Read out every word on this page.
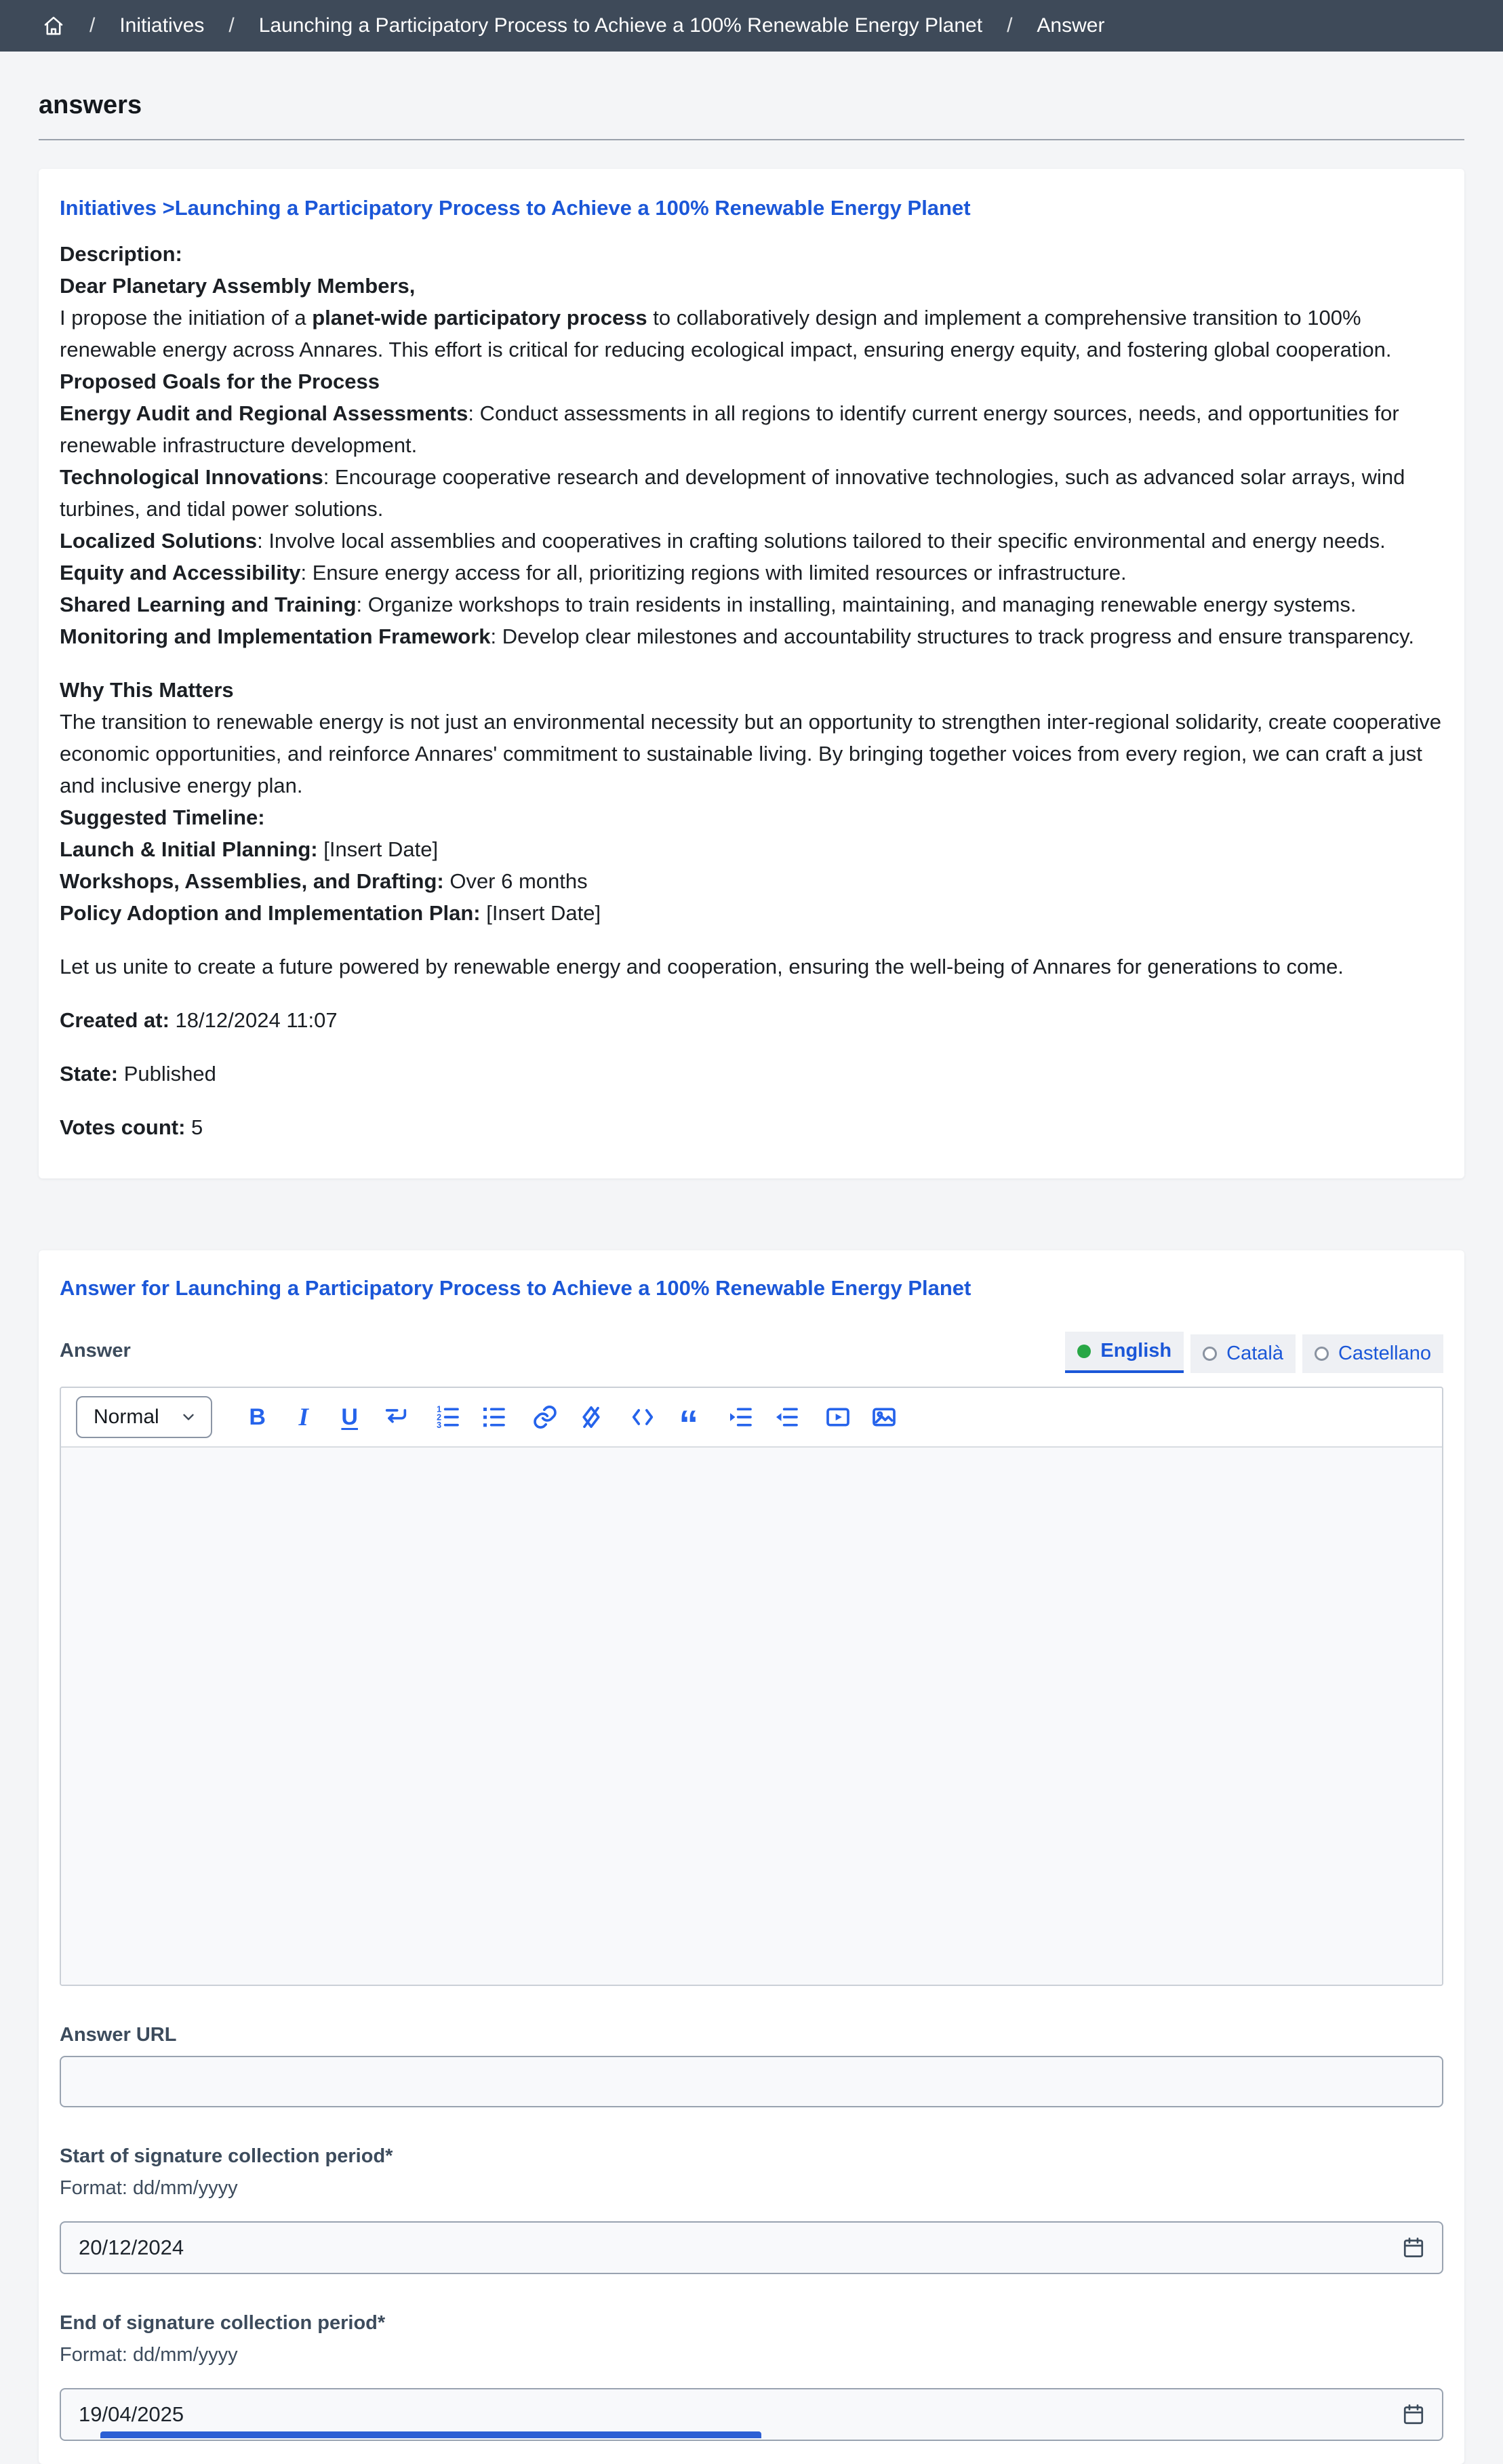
/ Initiatives / Launching a Participatory Process to Achieve a 100% Renewable Energy Planet / Answer
answers
Initiatives >Launching a Participatory Process to Achieve a 100% Renewable Energy Planet

Description:

Dear Planetary Assembly Members,

I propose the initiation of a planet-wide participatory process to collaboratively design and implement a comprehensive transition to 100% renewable energy across Annares. This effort is critical for reducing ecological impact, ensuring energy equity, and fostering global cooperation.

Proposed Goals for the Process

Energy Audit and Regional Assessments: Conduct assessments in all regions to identify current energy sources, needs, and opportunities for renewable infrastructure development.

Technological Innovations: Encourage cooperative research and development of innovative technologies, such as advanced solar arrays, wind turbines, and tidal power solutions.

Localized Solutions: Involve local assemblies and cooperatives in crafting solutions tailored to their specific environmental and energy needs.

Equity and Accessibility: Ensure energy access for all, prioritizing regions with limited resources or infrastructure.

Shared Learning and Training: Organize workshops to train residents in installing, maintaining, and managing renewable energy systems.

Monitoring and Implementation Framework: Develop clear milestones and accountability structures to track progress and ensure transparency.

Why This Matters

The transition to renewable energy is not just an environmental necessity but an opportunity to strengthen inter-regional solidarity, create cooperative economic opportunities, and reinforce Annares' commitment to sustainable living. By bringing together voices from every region, we can craft a just and inclusive energy plan.

Suggested Timeline:

Launch & Initial Planning: [Insert Date]

Workshops, Assemblies, and Drafting: Over 6 months

Policy Adoption and Implementation Plan: [Insert Date]

Let us unite to create a future powered by renewable energy and cooperation, ensuring the well-being of Annares for generations to come.

Created at: 18/12/2024 11:07

State: Published

Votes count: 5

Answer for Launching a Participatory Process to Achieve a 100% Renewable Energy Planet
Answer	English	Català	Castellano
Normal	B I U	1
2
3	“
Answer URL
Start of signature collection period*
Format: dd/mm/yyyy
20/12/2024
End of signature collection period*
Format: dd/mm/yyyy
19/04/2025
